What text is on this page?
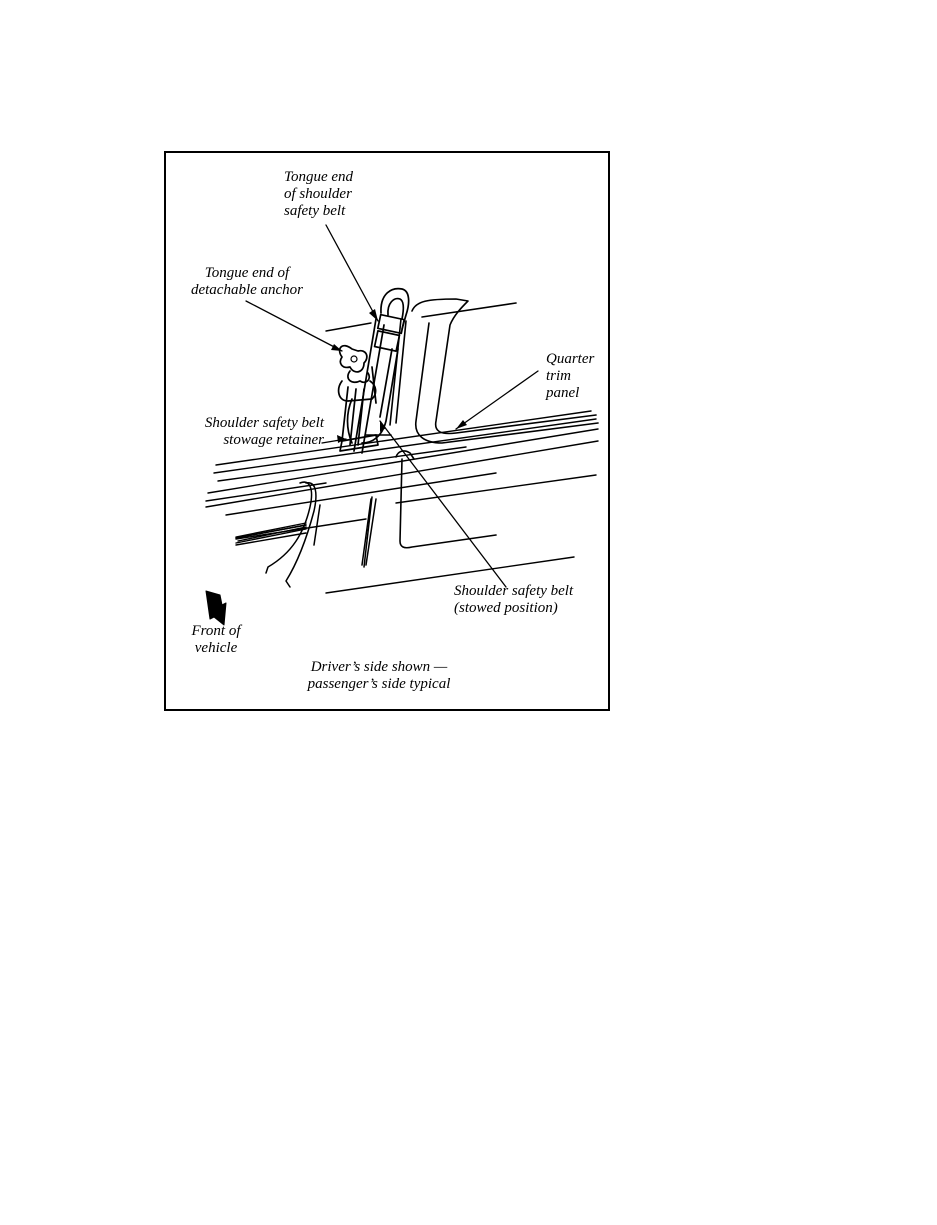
Tongue end
of shoulder
safety belt
Tongue end of
detachable anchor
Quarter
trim
panel
Shoulder safety belt
stowage retainer
Shoulder safety belt
(stowed position)
Front of
vehicle
Driver’s side shown —
passenger’s side typical
